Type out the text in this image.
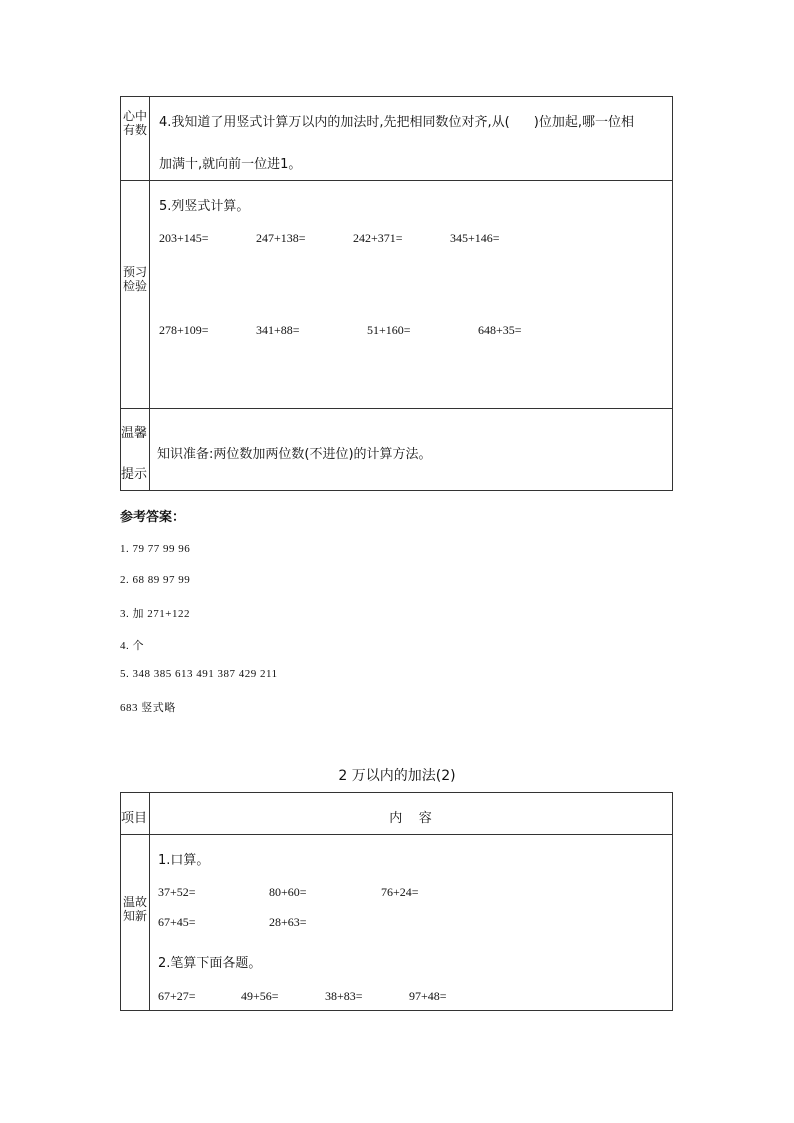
心中有数 4.我知道了用竖式计算万以内的加法时,先把相同数位对齐,从( )位加起,哪一位相
加满十,就向前一位进1。
预习检验
5.列竖式计算。
203+145=	247+138=	242+371=	345+146=
278+109=	341+88=	51+160=	648+35=
温馨
提示
知识准备:两位数加两位数(不进位)的计算方法。
参考答案：
1. 79 77 99 96
2. 68 89 97 99
3. 加 271+122
4. 个
5. 348 385 613 491 387 429 211
683 竖式略
2 万以内的加法(2)
项目	内    容
温故知新
1.口算。
37+52=	80+60=	76+24=
67+45=	28+63=
2.笔算下面各题。
67+27=	49+56=	38+83=	97+48=
